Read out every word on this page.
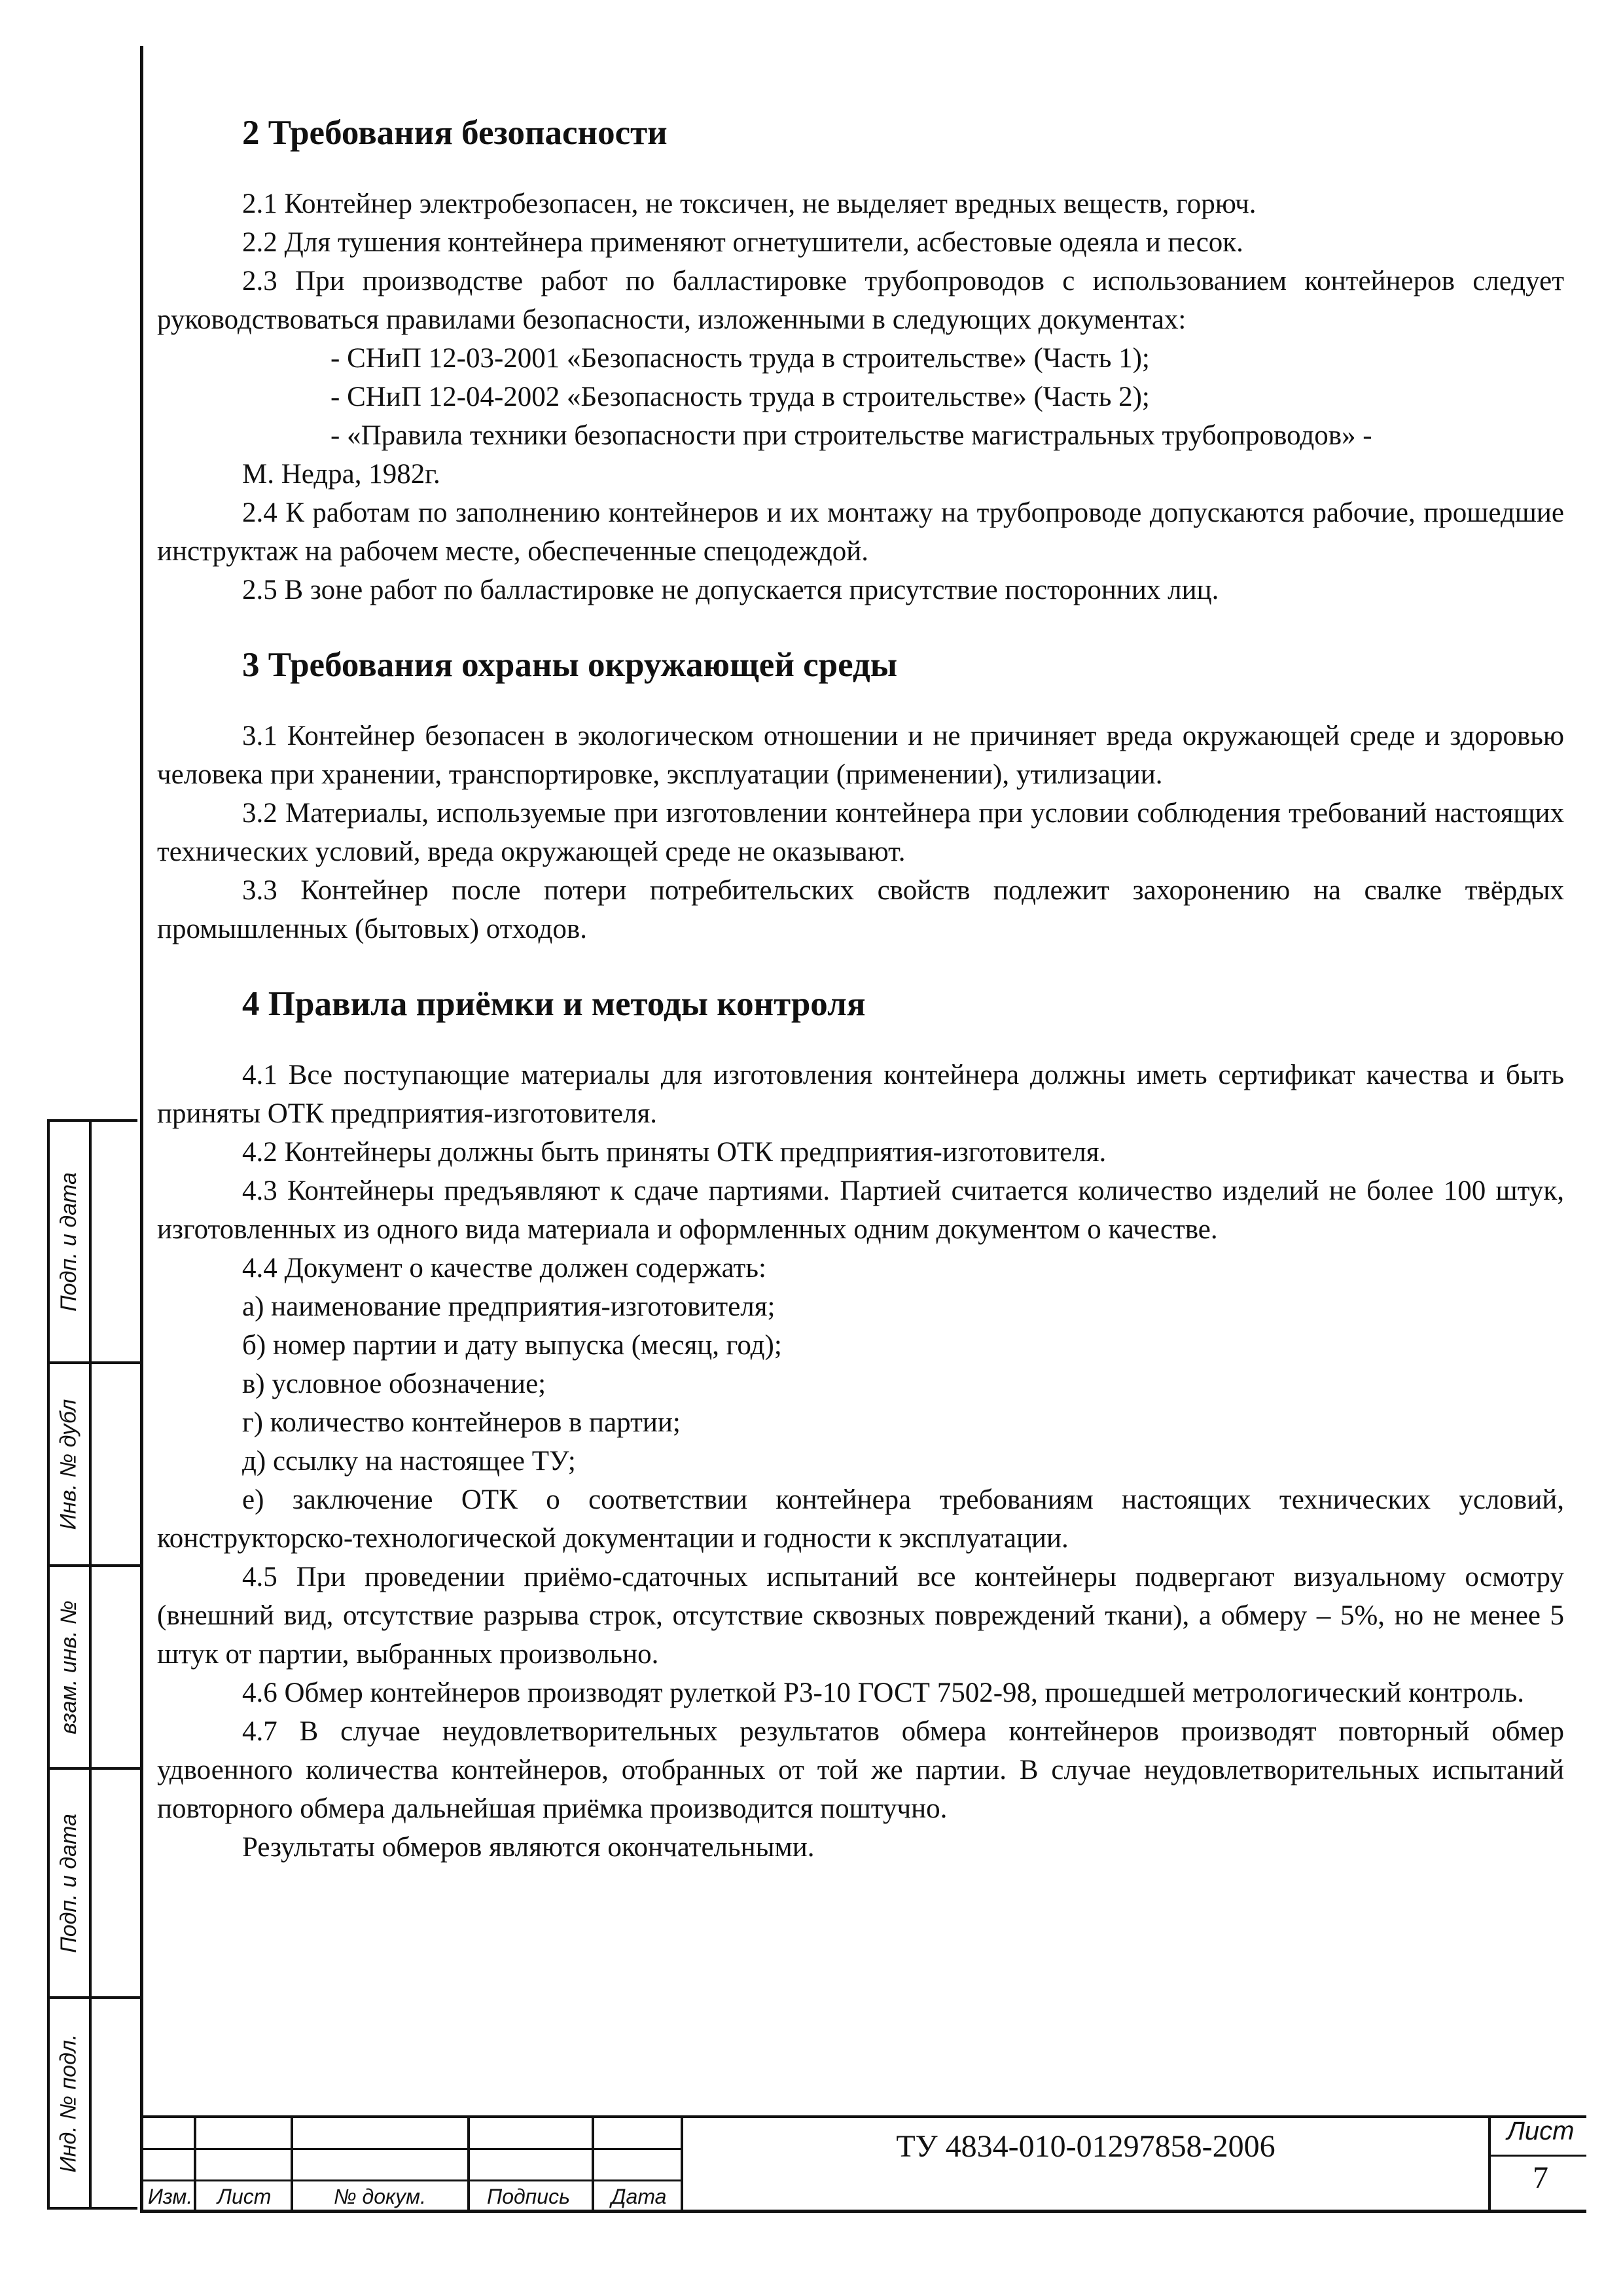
2 Требования безопасности

2.1 Контейнер электробезопасен, не токсичен, не выделяет вредных веществ, горюч.

2.2 Для тушения контейнера применяют огнетушители, асбестовые одеяла и песок.

2.3 При производстве работ по балластировке трубопроводов с использованием контейнеров следует руководствоваться правилами безопасности, изложенными в следующих документах:

- СНиП 12-03-2001 «Безопасность труда в строительстве» (Часть 1);

- СНиП 12-04-2002 «Безопасность труда в строительстве» (Часть 2);

- «Правила техники безопасности при строительстве магистральных трубопроводов» -

М. Недра, 1982г.

2.4 К работам по заполнению контейнеров и их монтажу на трубопроводе допускаются рабочие, прошедшие инструктаж на рабочем месте, обеспеченные спецодеждой.

2.5 В зоне работ по балластировке не допускается присутствие посторонних лиц.

3 Требования охраны окружающей среды

3.1 Контейнер безопасен в экологическом отношении и не причиняет вреда окружающей среде и здоровью человека при хранении, транспортировке, эксплуатации (применении), утилизации.

3.2 Материалы, используемые при изготовлении контейнера при условии соблюдения требований настоящих технических условий, вреда окружающей среде не оказывают.

3.3 Контейнер после потери потребительских свойств подлежит захоронению на свалке твёрдых промышленных (бытовых) отходов.

4 Правила приёмки и методы контроля

4.1 Все поступающие материалы для изготовления контейнера должны иметь сертификат качества и быть приняты ОТК предприятия-изготовителя.

4.2 Контейнеры должны быть приняты ОТК предприятия-изготовителя.

4.3 Контейнеры предъявляют к сдаче партиями. Партией считается количество изделий не более 100 штук, изготовленных из одного вида материала и оформленных одним документом о качестве.

4.4 Документ о качестве должен содержать:

а) наименование предприятия-изготовителя;

б) номер партии и дату выпуска (месяц, год);

в) условное обозначение;

г) количество контейнеров в партии;

д) ссылку на настоящее ТУ;

е) заключение ОТК о соответствии контейнера требованиям настоящих технических условий, конструкторско-технологической документации и годности к эксплуатации.

4.5 При проведении приёмо-сдаточных испытаний все контейнеры подвергают визуальному осмотру (внешний вид, отсутствие разрыва строк, отсутствие сквозных повреждений ткани), а обмеру – 5%, но не менее 5 штук от партии, выбранных произвольно.

4.6 Обмер контейнеров производят рулеткой Р3-10 ГОСТ 7502-98, прошедшей метрологический контроль.

4.7 В случае неудовлетворительных результатов обмера контейнеров производят повторный обмер удвоенного количества контейнеров, отобранных от той же партии. В случае неудовлетворительных испытаний повторного обмера дальнейшая приёмка производится поштучно.

Результаты обмеров являются окончательными.

Подп. и дата
Инв. № дубл
взам. инв. №
Подп. и дата
Инд. № подл.
Изм. Лист	№ докум.	Подпись Дата
ТУ 4834-010-01297858-2006	Лист
7
